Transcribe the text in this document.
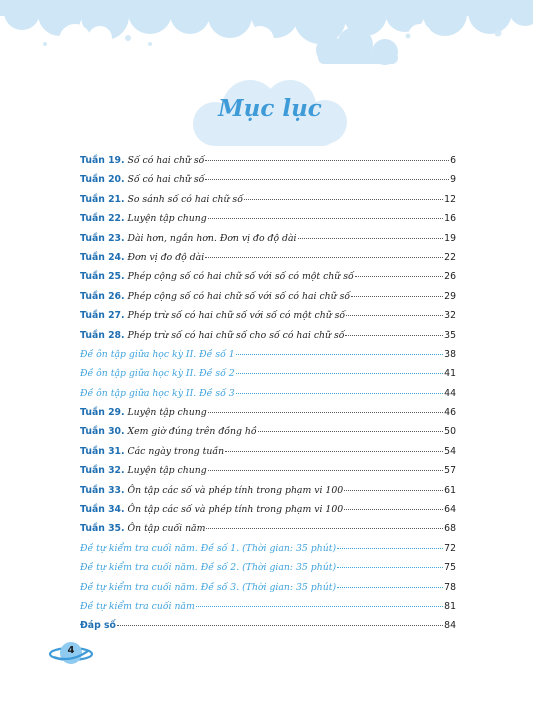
Mục lục
Tuần 19. Số có hai chữ số	6
Tuần 20. Số có hai chữ số	9
Tuần 21. So sánh số có hai chữ số	12
Tuần 22. Luyện tập chung	16
Tuần 23. Dài hơn, ngắn hơn. Đơn vị đo độ dài	19
Tuần 24. Đơn vị đo độ dài	22
Tuần 25. Phép cộng số có hai chữ số với số có một chữ số	26
Tuần 26. Phép cộng số có hai chữ số với số có hai chữ số	29
Tuần 27. Phép trừ số có hai chữ số với số có một chữ số	32
Tuần 28. Phép trừ số có hai chữ số cho số có hai chữ số	35
Đề ôn tập giữa học kỳ II. Đề số 1	38
Đề ôn tập giữa học kỳ II. Đề số 2	41
Đề ôn tập giữa học kỳ II. Đề số 3	44
Tuần 29. Luyện tập chung	46
Tuần 30. Xem giờ đúng trên đồng hồ	50
Tuần 31. Các ngày trong tuần	54
Tuần 32. Luyện tập chung	57
Tuần 33. Ôn tập các số và phép tính trong phạm vi 100	61
Tuần 34. Ôn tập các số và phép tính trong phạm vi 100	64
Tuần 35. Ôn tập cuối năm	68
Đề tự kiểm tra cuối năm. Đề số 1. (Thời gian: 35 phút)	72
Đề tự kiểm tra cuối năm. Đề số 2. (Thời gian: 35 phút)	75
Đề tự kiểm tra cuối năm. Đề số 3. (Thời gian: 35 phút)	78
Đề tự kiểm tra cuối năm	81
Đáp số	84
4
